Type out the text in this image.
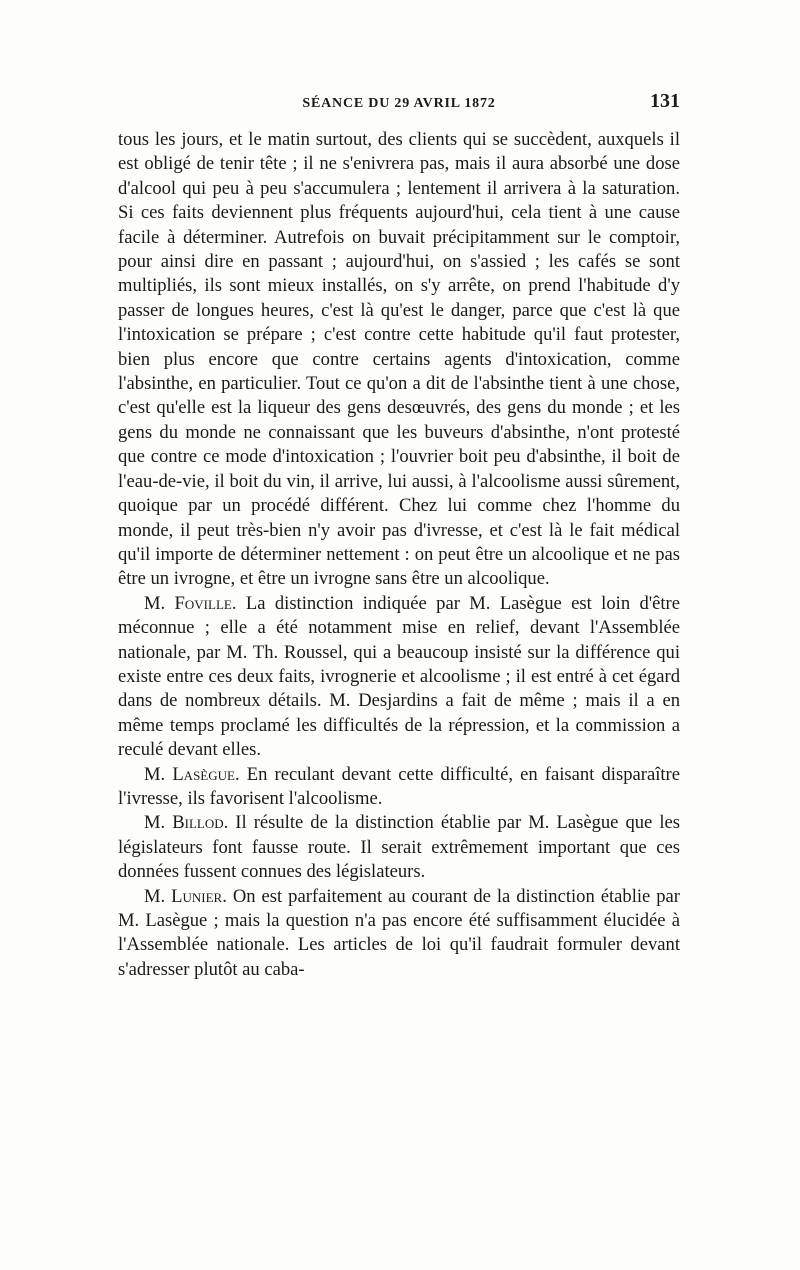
SÉANCE DU 29 AVRIL 1872	131

tous les jours, et le matin surtout, des clients qui se succèdent, auxquels il est obligé de tenir tête ; il ne s'enivrera pas, mais il aura absorbé une dose d'alcool qui peu à peu s'accumulera ; lentement il arrivera à la saturation. Si ces faits deviennent plus fréquents aujourd'hui, cela tient à une cause facile à déterminer. Autrefois on buvait précipitamment sur le comptoir, pour ainsi dire en passant ; aujourd'hui, on s'assied ; les cafés se sont multipliés, ils sont mieux installés, on s'y arrête, on prend l'habitude d'y passer de longues heures, c'est là qu'est le danger, parce que c'est là que l'intoxication se prépare ; c'est contre cette habitude qu'il faut protester, bien plus encore que contre certains agents d'intoxication, comme l'absinthe, en particulier. Tout ce qu'on a dit de l'absinthe tient à une chose, c'est qu'elle est la liqueur des gens desœuvrés, des gens du monde ; et les gens du monde ne connaissant que les buveurs d'absinthe, n'ont protesté que contre ce mode d'intoxication ; l'ouvrier boit peu d'absinthe, il boit de l'eau-de-vie, il boit du vin, il arrive, lui aussi, à l'alcoolisme aussi sûrement, quoique par un procédé différent. Chez lui comme chez l'homme du monde, il peut très-bien n'y avoir pas d'ivresse, et c'est là le fait médical qu'il importe de déterminer nettement : on peut être un alcoolique et ne pas être un ivrogne, et être un ivrogne sans être un alcoolique.

M. Foville. La distinction indiquée par M. Lasègue est loin d'être méconnue ; elle a été notamment mise en relief, devant l'Assemblée nationale, par M. Th. Roussel, qui a beaucoup insisté sur la différence qui existe entre ces deux faits, ivrognerie et alcoolisme ; il est entré à cet égard dans de nombreux détails. M. Desjardins a fait de même ; mais il a en même temps proclamé les difficultés de la répression, et la commission a reculé devant elles.

M. Lasègue. En reculant devant cette difficulté, en faisant disparaître l'ivresse, ils favorisent l'alcoolisme.

M. Billod. Il résulte de la distinction établie par M. Lasègue que les législateurs font fausse route. Il serait extrêmement important que ces données fussent connues des législateurs.

M. Lunier. On est parfaitement au courant de la distinction établie par M. Lasègue ; mais la question n'a pas encore été suffisamment élucidée à l'Assemblée nationale. Les articles de loi qu'il faudrait formuler devant s'adresser plutôt au caba-
